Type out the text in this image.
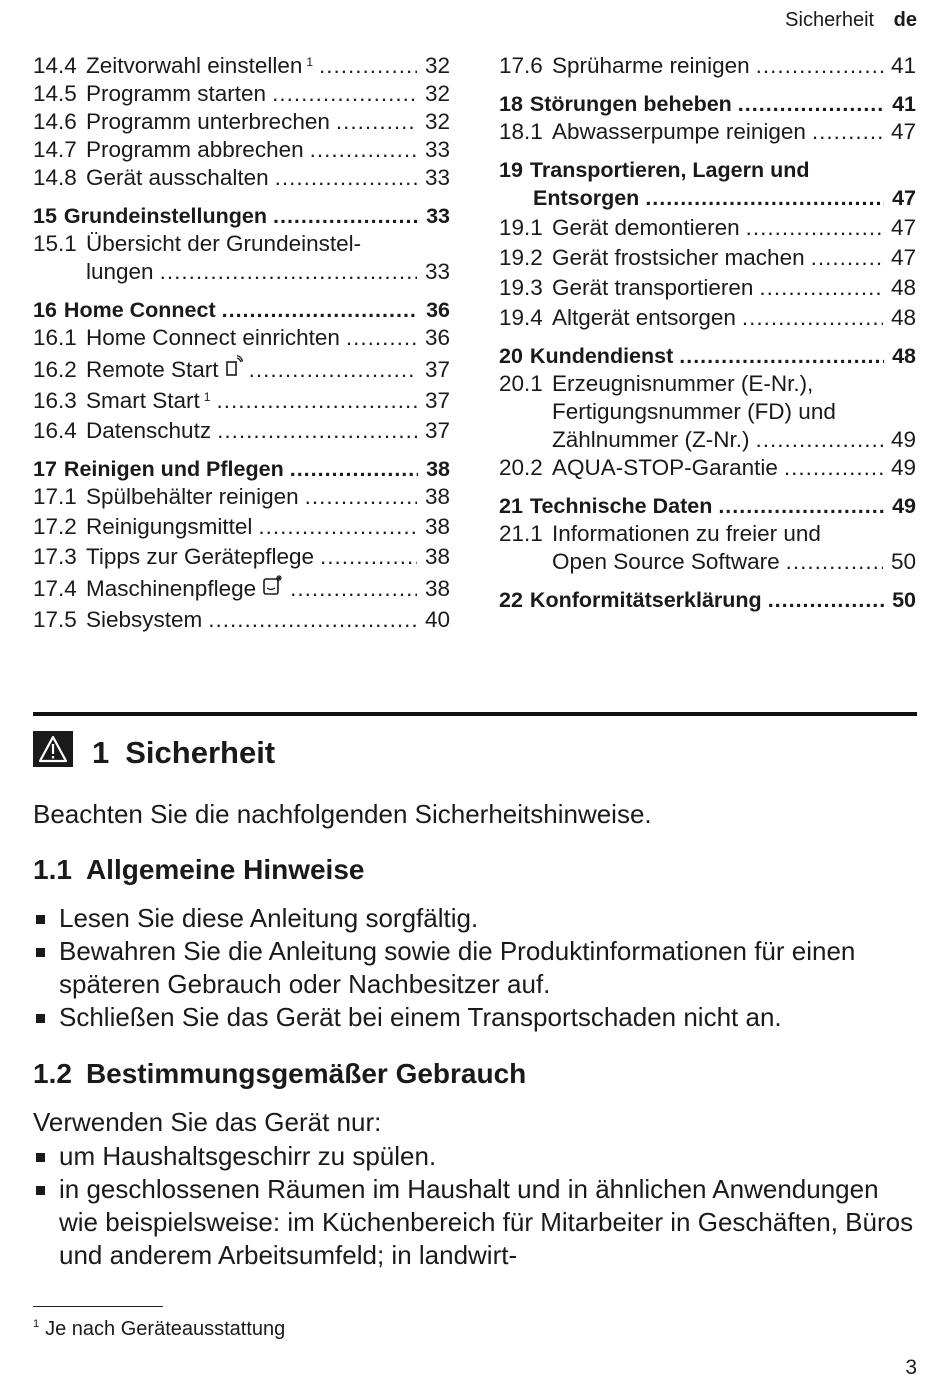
Sicherheit de
14.4 Zeitvorwahl einstellen $^1$ .....	32
14.5 Programm starten .....	32
14.6 Programm unterbrechen .....	32
14.7 Programm abbrechen .....	33
14.8 Gerät ausschalten .....	33
15 Grundeinstellungen .....	33
15.1 Übersicht der Grundeinstel-
lungen .....	33
16 Home Connect .....	36
16.1 Home Connect einrichten .....	36
16.2 Remote Start .....	37
16.3 Smart Start $^1$ .....	37
16.4 Datenschutz .....	37
17 Reinigen und Pflegen .....	38
17.1 Spülbehälter reinigen .....	38
17.2 Reinigungsmittel .....	38
17.3 Tipps zur Gerätepflege .....	38
17.4 Maschinenpflege .....	38
17.5 Siebsystem .....	40
17.6 Sprüharme reinigen .....	41
18 Störungen beheben .....	41
18.1 Abwasserpumpe reinigen .....	47
19 Transportieren, Lagern und
Entsorgen .....	47
19.1 Gerät demontieren .....	47
19.2 Gerät frostsicher machen .....	47
19.3 Gerät transportieren .....	48
19.4 Altgerät entsorgen .....	48
20 Kundendienst .....	48
20.1 Erzeugnisnummer (E-Nr.),
Fertigungsnummer (FD) und
Zählnummer (Z-Nr.) .....	49
20.2 AQUA-STOP-Garantie .....	49
21 Technische Daten .....	49
21.1 Informationen zu freier und
Open Source Software .....	50
22 Konformitätserklärung .....	50
1 Sicherheit
Beachten Sie die nachfolgenden Sicherheitshinweise.
1.1 Allgemeine Hinweise
Lesen Sie diese Anleitung sorgfältig.
Bewahren Sie die Anleitung sowie die Produktinformationen für einen späteren Gebrauch oder Nachbesitzer auf.
Schließen Sie das Gerät bei einem Transportschaden nicht an.
1.2 Bestimmungsgemäßer Gebrauch
Verwenden Sie das Gerät nur:
um Haushaltsgeschirr zu spülen.
in geschlossenen Räumen im Haushalt und in ähnlichen Anwendungen wie beispielsweise: im Küchenbereich für Mitarbeiter in Geschäften, Büros und anderem Arbeitsumfeld; in landwirt-
$^1$ Je nach Geräteausstattung
3
